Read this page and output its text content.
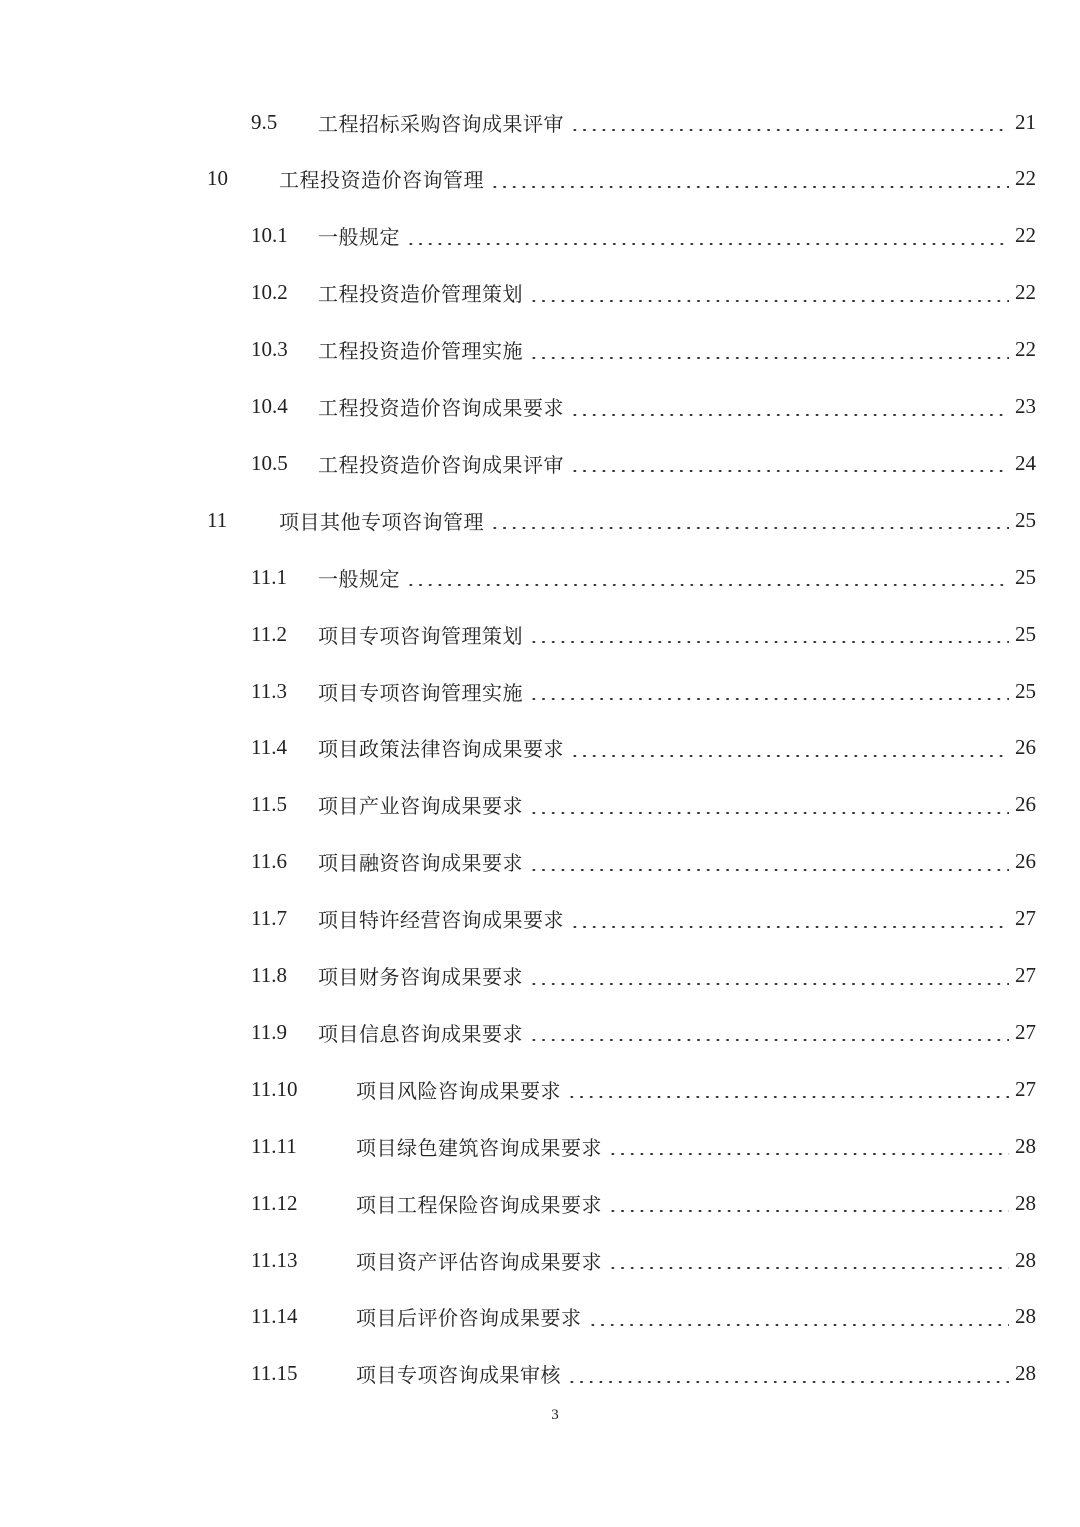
9.5 工程招标采购咨询成果评审	21
10	工程投资造价咨询管理	22
10.1 一般规定	22
10.2 工程投资造价管理策划	22
10.3 工程投资造价管理实施	22
10.4 工程投资造价咨询成果要求	23
10.5 工程投资造价咨询成果评审	24
11	项目其他专项咨询管理	25
11.1 一般规定	25
11.2 项目专项咨询管理策划	25
11.3 项目专项咨询管理实施	25
11.4 项目政策法律咨询成果要求	26
11.5 项目产业咨询成果要求	26
11.6 项目融资咨询成果要求	26
11.7 项目特许经营咨询成果要求	27
11.8 项目财务咨询成果要求	27
11.9 项目信息咨询成果要求	27
11.10	项目风险咨询成果要求	27
11.11	项目绿色建筑咨询成果要求	28
11.12	项目工程保险咨询成果要求	28
11.13	项目资产评估咨询成果要求	28
11.14	项目后评价咨询成果要求	28
11.15	项目专项咨询成果审核	28
3
